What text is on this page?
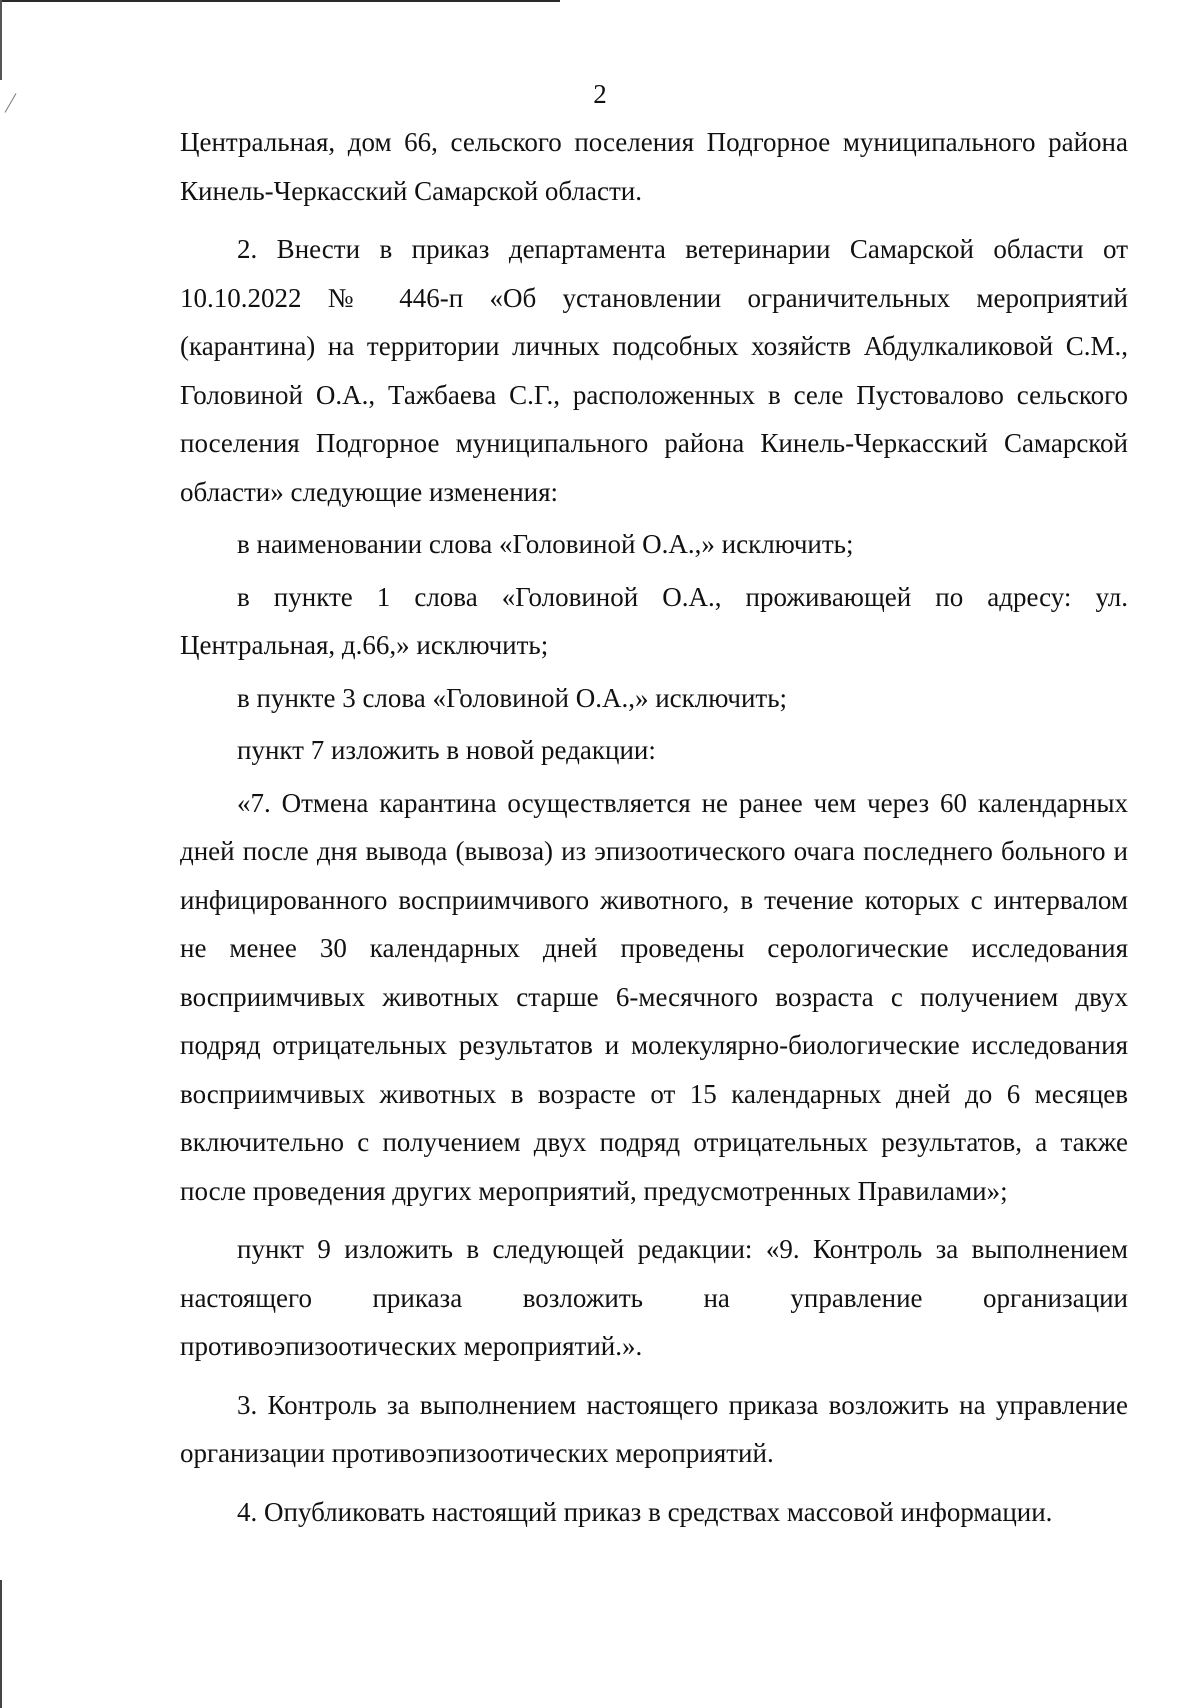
2

Центральная, дом 66, сельского поселения Подгорное муниципального района Кинель-Черкасский Самарской области.

2. Внести в приказ департамента ветеринарии Самарской области от 10.10.2022 № 446-п «Об установлении ограничительных мероприятий (карантина) на территории личных подсобных хозяйств Абдулкаликовой С.М., Головиной О.А., Тажбаева С.Г., расположенных в селе Пустовалово сельского поселения Подгорное муниципального района Кинель-Черкасский Самарской области» следующие изменения:

в наименовании слова «Головиной О.А.,» исключить;

в пункте 1 слова «Головиной О.А., проживающей по адресу: ул. Центральная, д.66,» исключить;

в пункте 3 слова «Головиной О.А.,» исключить;

пункт 7 изложить в новой редакции:

«7. Отмена карантина осуществляется не ранее чем через 60 календарных дней после дня вывода (вывоза) из эпизоотического очага последнего больного и инфицированного восприимчивого животного, в течение которых с интервалом не менее 30 календарных дней проведены серологические исследования восприимчивых животных старше 6-месячного возраста с получением двух подряд отрицательных результатов и молекулярно-биологические исследования восприимчивых животных в возрасте от 15 календарных дней до 6 месяцев включительно с получением двух подряд отрицательных результатов, а также после проведения других мероприятий, предусмотренных Правилами»;

пункт 9 изложить в следующей редакции: «9. Контроль за выполнением настоящего приказа возложить на управление организации противоэпизоотических мероприятий.».

3. Контроль за выполнением настоящего приказа возложить на управление организации противоэпизоотических мероприятий.

4. Опубликовать настоящий приказ в средствах массовой информации.
